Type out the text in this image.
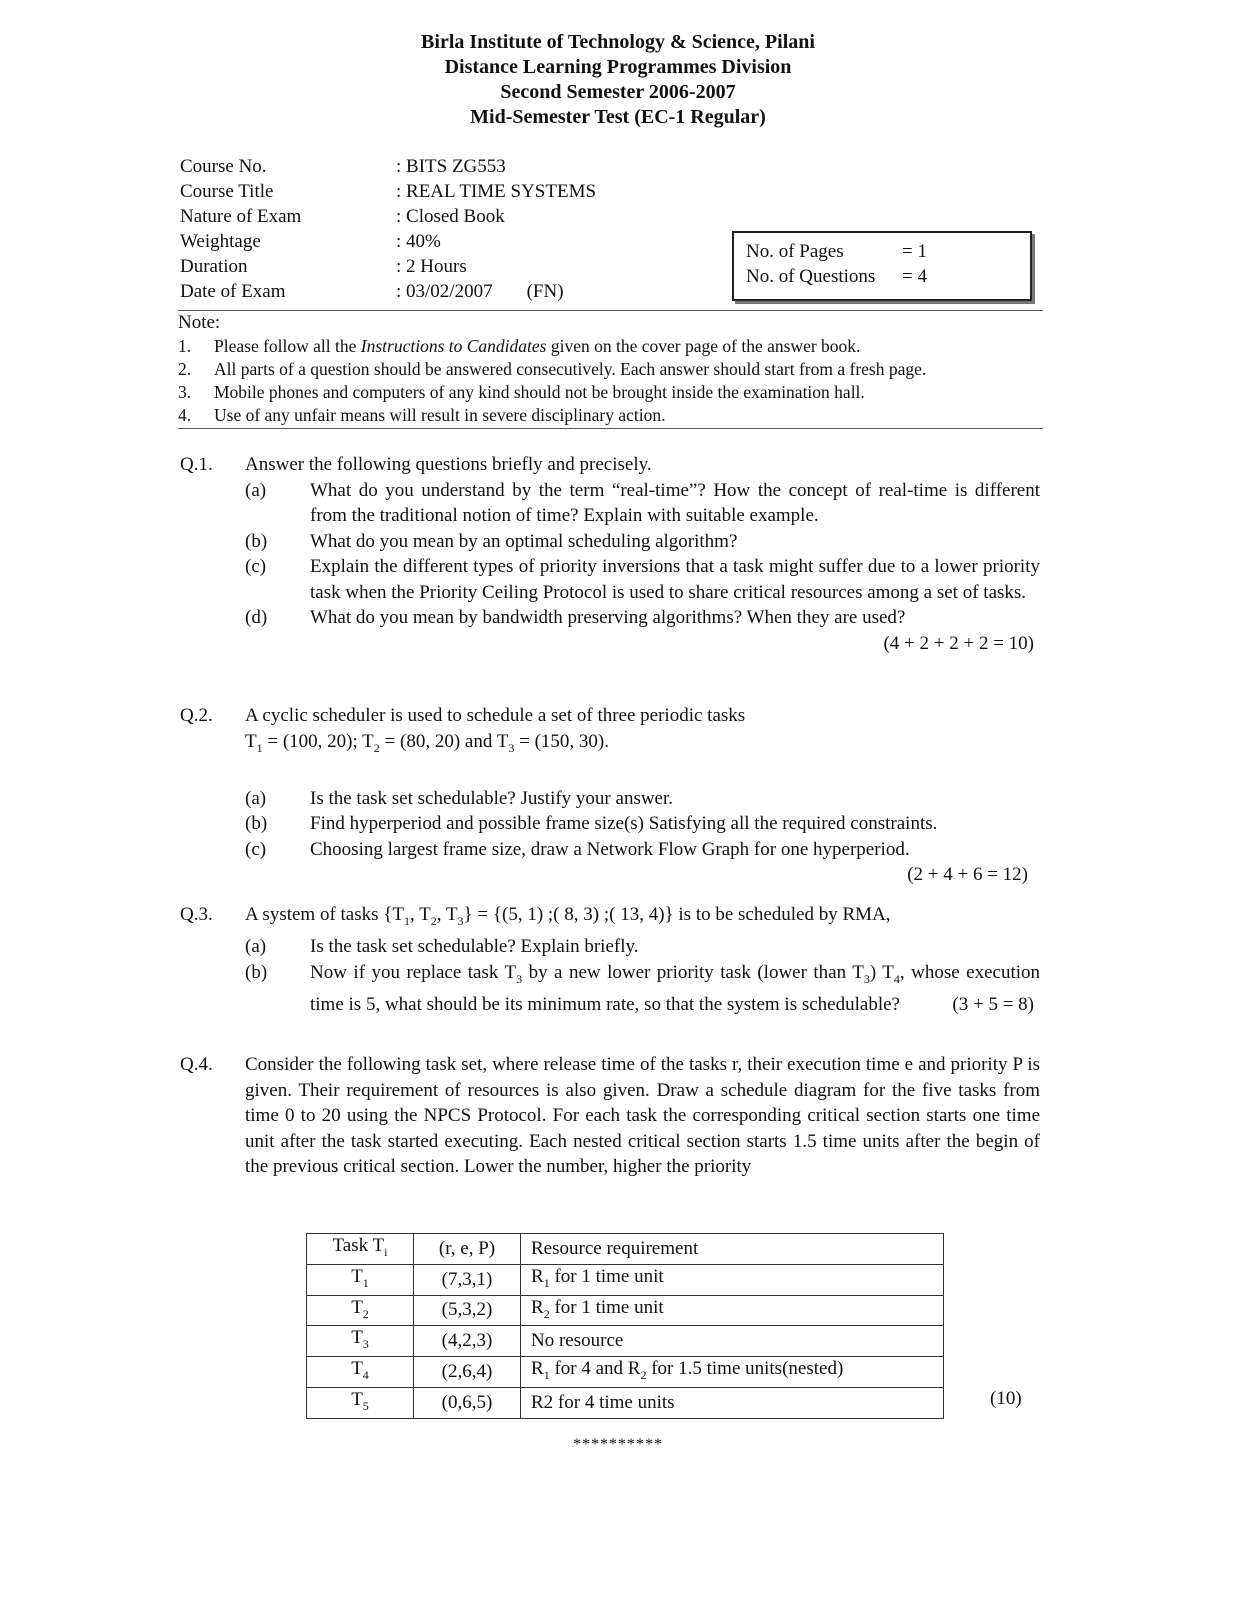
Birla Institute of Technology & Science, Pilani
Distance Learning Programmes Division
Second Semester 2006-2007
Mid-Semester Test (EC-1 Regular)
Course No.	: BITS ZG553
Course Title	: REAL TIME SYSTEMS
Nature of Exam	: Closed Book
Weightage	: 40%
Duration	: 2 Hours
Date of Exam	: 03/02/2007 (FN)
No. of Pages	= 1
No. of Questions	= 4
Note:
1.	Please follow all the Instructions to Candidates given on the cover page of the answer book.
2.	All parts of a question should be answered consecutively. Each answer should start from a fresh page.
3.	Mobile phones and computers of any kind should not be brought inside the examination hall.
4.	Use of any unfair means will result in severe disciplinary action.
Q.1.	Answer the following questions briefly and precisely.
(a)	What do you understand by the term “real-time”? How the concept of real-time is different from the traditional notion of time? Explain with suitable example.
(b)	What do you mean by an optimal scheduling algorithm?
(c)	Explain the different types of priority inversions that a task might suffer due to a lower priority task when the Priority Ceiling Protocol is used to share critical resources among a set of tasks.
(d)	What do you mean by bandwidth preserving algorithms? When they are used?
(4 + 2 + 2 + 2 = 10)
Q.2.	A cyclic scheduler is used to schedule a set of three periodic tasks
$T_1 = (100$, 20); $T_2 = (80$, 20) and $T_3 = (150$, 30).
(a)	Is the task set schedulable? Justify your answer.
(b)	Find hyperperiod and possible frame size(s) Satisfying all the required constraints.
(c)	Choosing largest frame size, draw a Network Flow Graph for one hyperperiod.
(2 + 4 + 6 = 12)
Q.3.	A system of tasks {$T_1$, $T_2$, $T_3\} = \{(5$, 1) ;( 8, 3) ;( 13, 4)} is to be scheduled by RMA,
(a)	Is the task set schedulable? Explain briefly.
(b)	Now if you replace task $T_3$ by a new lower priority task (lower than $T_3$) $T_4$, whose execution time is 5, what should be its minimum rate, so that the system is schedulable?	(3 + 5 = 8)
Q.4.	Consider the following task set, where release time of the tasks r, their execution time e and priority P is given. Their requirement of resources is also given. Draw a schedule diagram for the five tasks from time 0 to 20 using the NPCS Protocol. For each task the corresponding critical section starts one time unit after the task started executing. Each nested critical section starts 1.5 time units after the begin of the previous critical section. Lower the number, higher the priority
Task $T_i$	(r, e, P)	Resource requirement
$T_1$	(7,3,1)	$R_1$ for 1 time unit
$T_2$	(5,3,2)	$R_2$ for 1 time unit
$T_3$	(4,2,3)	No resource
$T_4$	(2,6,4)	$R_1$ for 4 and $R_2$ for 1.5 time units(nested)
$T_5$	(0,6,5)	R2 for 4 time units	(10)
**********
